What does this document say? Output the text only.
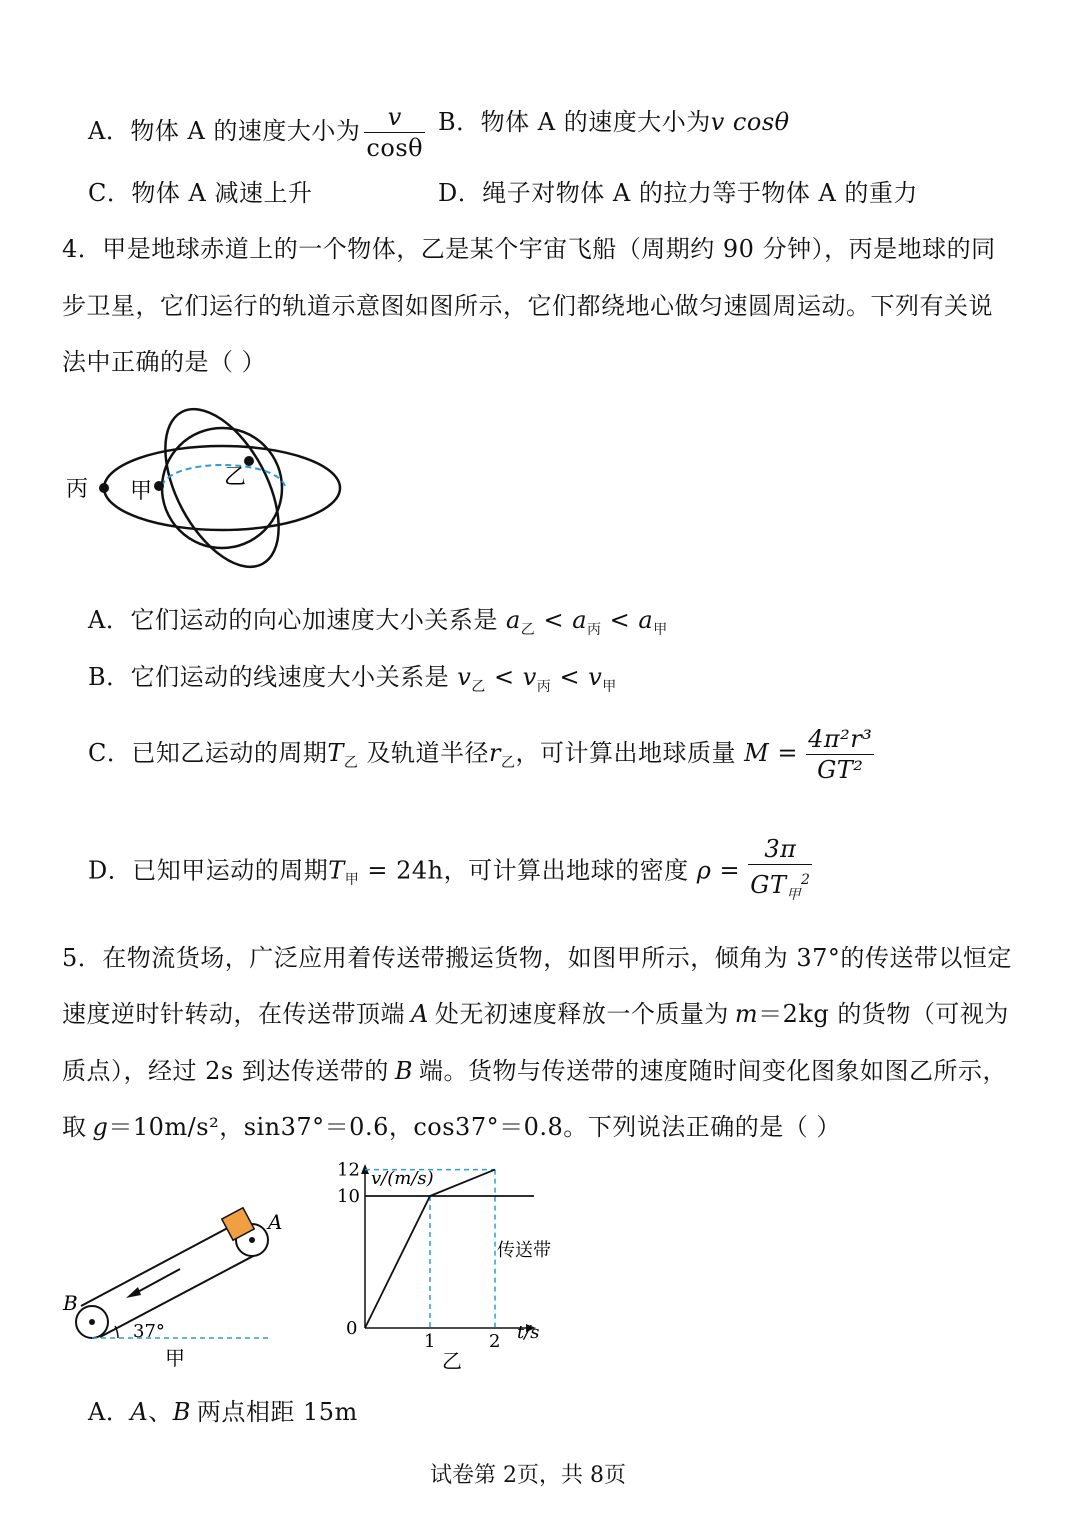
A．物体 A 的速度大小为 $\frac{v}{\cos\theta}$ B．物体 A 的速度大小为v cosθ
C．物体 A 减速上升	D．绳子对物体 A 的拉力等于物体 A 的重力
4．甲是地球赤道上的一个物体，乙是某个宇宙飞船（周期约 90 分钟），丙是地球的同
步卫星，它们运行的轨道示意图如图所示，它们都绕地心做匀速圆周运动。下列有关说
法中正确的是（ ）
丙 甲
乙
A．它们运动的向心加速度大小关系是 $a_乙 < a_丙 < a_甲$
B．它们运动的线速度大小关系是 $v_乙 < v_丙 < v_甲$
C．已知乙运动的周期$T_乙$ 及轨道半径$r_乙$，可计算出地球质量 $M = \frac{\text{4π²r³}}{\text{GT²}}$
D．已知甲运动的周期$T_甲 = 24h$，可计算出地球的密度 $\rho = \frac{3\pi}{GT_甲^2}$
5．在物流货场，广泛应用着传送带搬运货物，如图甲所示，倾角为 37°的传送带以恒定
速度逆时针转动，在传送带顶端 A 处无初速度释放一个质量为 m＝2kg 的货物（可视为
质点），经过 2s 到达传送带的 B 端。货物与传送带的速度随时间变化图象如图乙所示，
取 g＝10m/s²，sin37°＝0.6，cos37°＝0.8。下列说法正确的是（ ）
A
B
37°
甲
10
12
1	2
v/(m/s)
t/s
0
传送带
乙
A．A、B 两点相距 15m
试卷第 2页，共 8页
